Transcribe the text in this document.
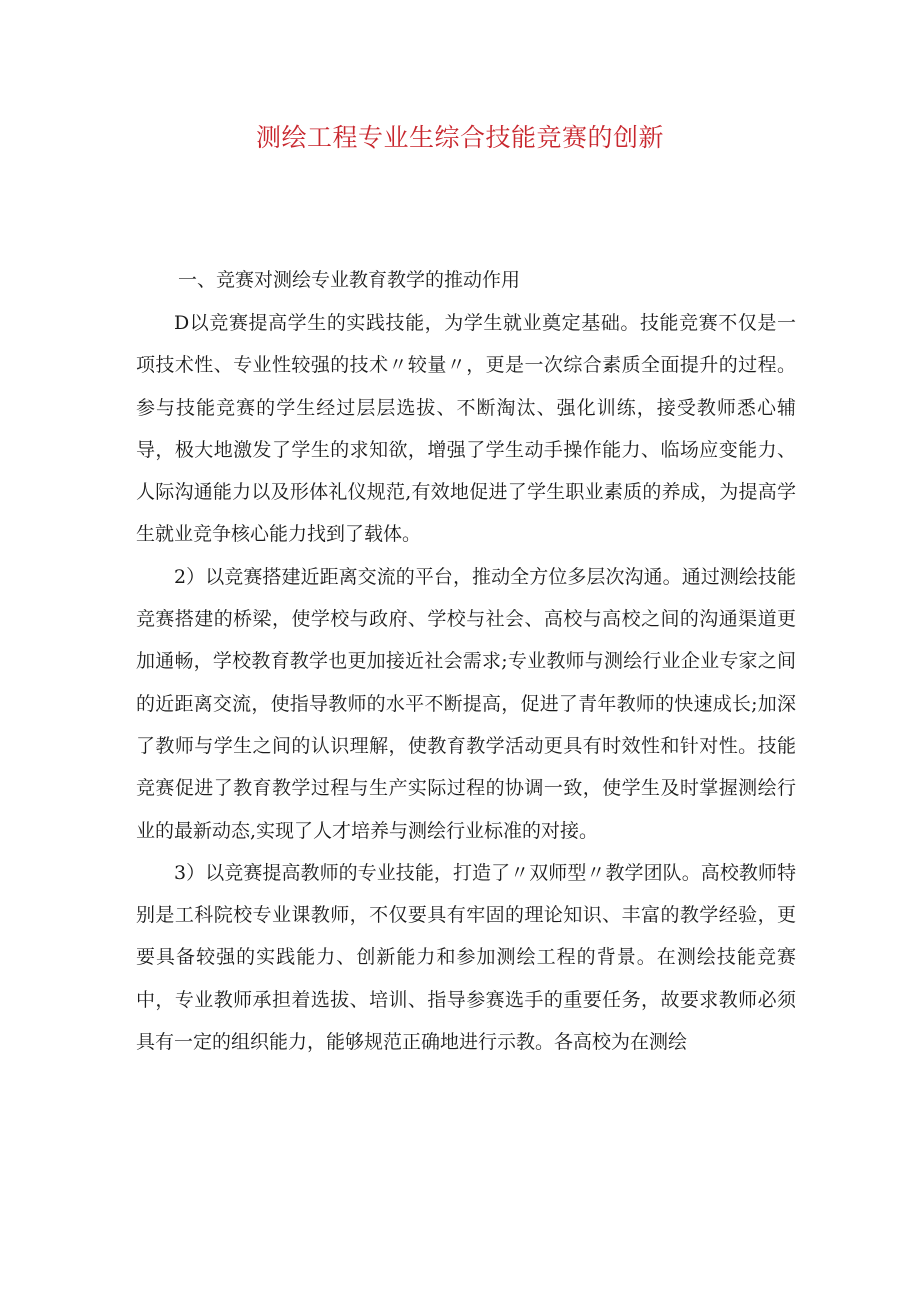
测绘工程专业生综合技能竞赛的创新

一、竞赛对测绘专业教育教学的推动作用

D以竞赛提高学生的实践技能，为学生就业奠定基础。技能竞赛不仅是一项技术性、专业性较强的技术〃较量〃，更是一次综合素质全面提升的过程。参与技能竞赛的学生经过层层选拔、不断淘汰、强化训练，接受教师悉心辅导，极大地激发了学生的求知欲，增强了学生动手操作能力、临场应变能力、人际沟通能力以及形体礼仪规范,有效地促进了学生职业素质的养成，为提高学生就业竞争核心能力找到了载体。

2）以竞赛搭建近距离交流的平台，推动全方位多层次沟通。通过测绘技能竞赛搭建的桥梁，使学校与政府、学校与社会、高校与高校之间的沟通渠道更加通畅，学校教育教学也更加接近社会需求;专业教师与测绘行业企业专家之间的近距离交流，使指导教师的水平不断提高，促进了青年教师的快速成长;加深了教师与学生之间的认识理解，使教育教学活动更具有时效性和针对性。技能竞赛促进了教育教学过程与生产实际过程的协调一致，使学生及时掌握测绘行业的最新动态,实现了人才培养与测绘行业标准的对接。

3）以竞赛提高教师的专业技能，打造了〃双师型〃教学团队。高校教师特别是工科院校专业课教师，不仅要具有牢固的理论知识、丰富的教学经验，更要具备较强的实践能力、创新能力和参加测绘工程的背景。在测绘技能竞赛中，专业教师承担着选拔、培训、指导参赛选手的重要任务，故要求教师必须具有一定的组织能力，能够规范正确地进行示教。各高校为在测绘
